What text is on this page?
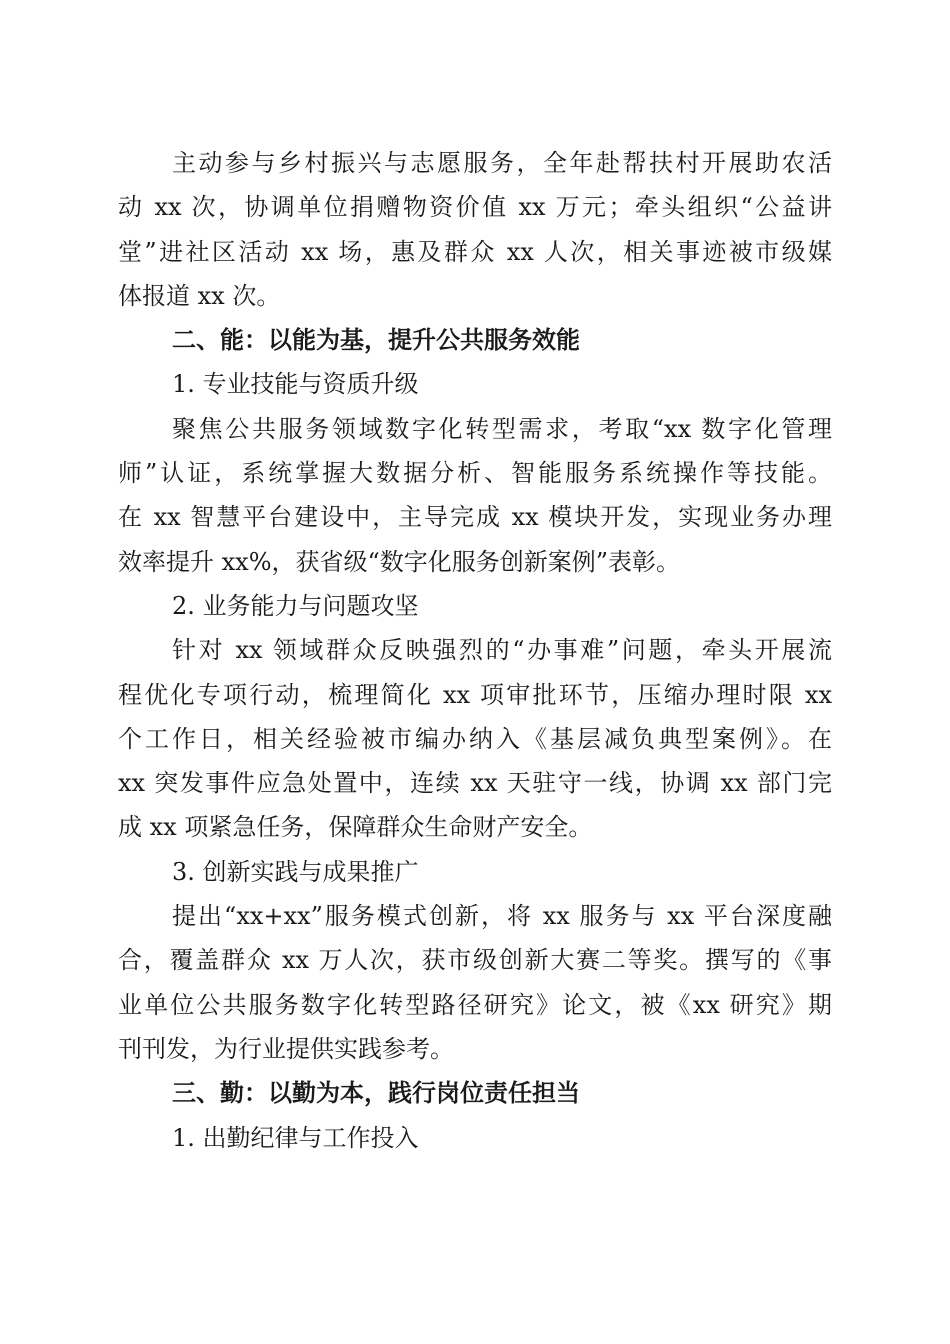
主动参与乡村振兴与志愿服务，全年赴帮扶村开展助农活
动 xx 次，协调单位捐赠物资价值 xx 万元；牵头组织“公益讲
堂”进社区活动 xx 场，惠及群众 xx 人次，相关事迹被市级媒
体报道 xx 次。
二、能：以能为基，提升公共服务效能
1. 专业技能与资质升级
聚焦公共服务领域数字化转型需求，考取“xx 数字化管理
师”认证，系统掌握大数据分析、智能服务系统操作等技能。
在 xx 智慧平台建设中，主导完成 xx 模块开发，实现业务办理
效率提升 xx%，获省级“数字化服务创新案例”表彰。
2. 业务能力与问题攻坚
针对 xx 领域群众反映强烈的“办事难”问题，牵头开展流
程优化专项行动，梳理简化 xx 项审批环节，压缩办理时限 xx
个工作日，相关经验被市编办纳入《基层减负典型案例》。在
xx 突发事件应急处置中，连续 xx 天驻守一线，协调 xx 部门完
成 xx 项紧急任务，保障群众生命财产安全。
3. 创新实践与成果推广
提出“xx+xx”服务模式创新，将 xx 服务与 xx 平台深度融
合，覆盖群众 xx 万人次，获市级创新大赛二等奖。撰写的《事
业单位公共服务数字化转型路径研究》论文，被《xx 研究》期
刊刊发，为行业提供实践参考。
三、勤：以勤为本，践行岗位责任担当
1. 出勤纪律与工作投入
